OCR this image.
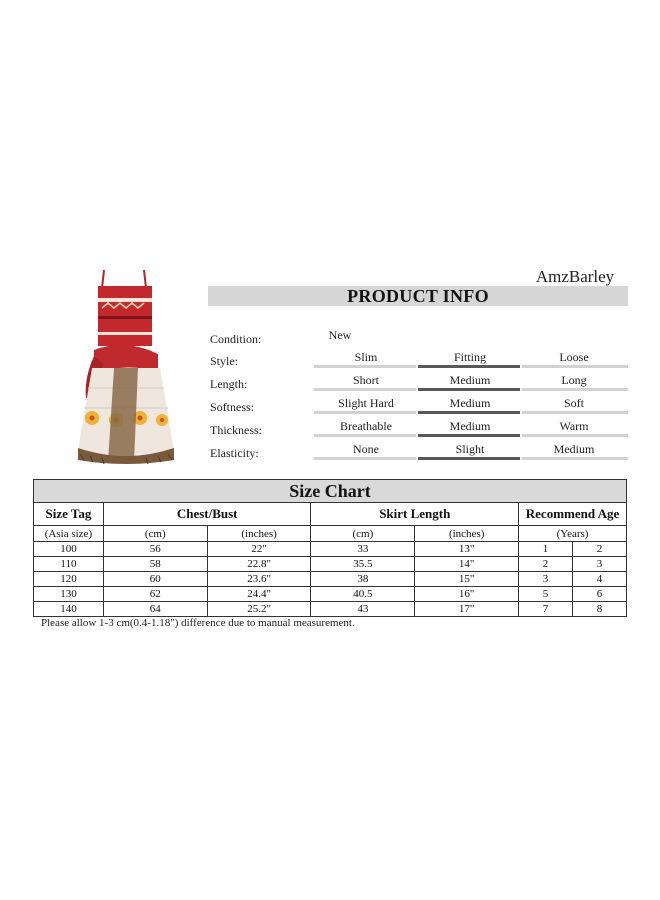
AmzBarley
PRODUCT INFO
Condition:	New
Style:	Slim	Fitting	Loose
Length:	Short	Medium	Long
Softness:	Slight Hard	Medium	Soft
Thickness:	Breathable	Medium	Warm
Elasticity:	None	Slight	Medium
Size Chart						
Size Tag	Chest/Bust		Skirt Length		Recommend Age	
(Asia size)	(cm)	(inches)	(cm)	(inches)	(Years)	
100	56	22"	33	13"	1	2
110	58	22.8"	35.5	14"	2	3
120	60	23.6"	38	15"	3	4
130	62	24.4"	40.5	16"	5	6
140	64	25.2"	43	17"	7	8
Please allow 1-3 cm(0.4-1.18") difference due to manual measurement.
